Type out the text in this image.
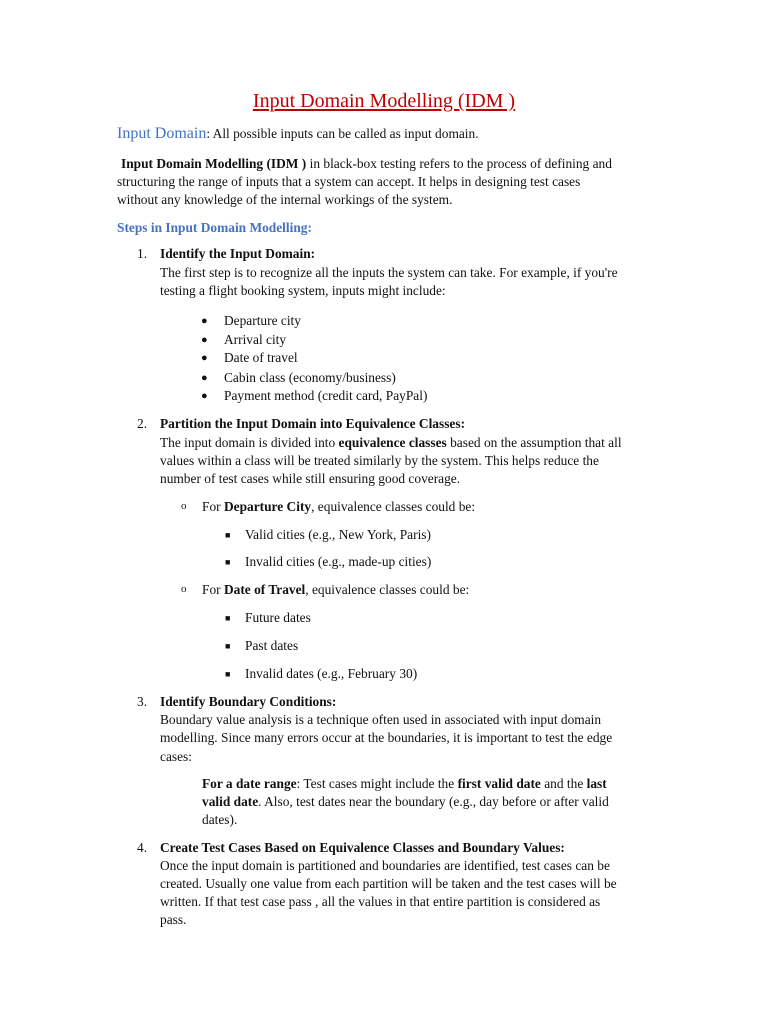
Input Domain Modelling (IDM )
Input Domain: All possible inputs can be called as input domain.
Input Domain Modelling (IDM ) in black-box testing refers to the process of defining and
structuring the range of inputs that a system can accept. It helps in designing test cases
without any knowledge of the internal workings of the system.
Steps in Input Domain Modelling:
1. Identify the Input Domain:
The first step is to recognize all the inputs the system can take. For example, if you're
testing a flight booking system, inputs might include:
● Departure city
● Arrival city
● Date of travel
● Cabin class (economy/business)
● Payment method (credit card, PayPal)
2. Partition the Input Domain into Equivalence Classes:
The input domain is divided into equivalence classes based on the assumption that all
values within a class will be treated similarly by the system. This helps reduce the
number of test cases while still ensuring good coverage.
o For Departure City, equivalence classes could be:
■ Valid cities (e.g., New York, Paris)
■ Invalid cities (e.g., made-up cities)
o For Date of Travel, equivalence classes could be:
■ Future dates
■ Past dates
■ Invalid dates (e.g., February 30)
3. Identify Boundary Conditions:
Boundary value analysis is a technique often used in associated with input domain
modelling. Since many errors occur at the boundaries, it is important to test the edge
cases:
For a date range: Test cases might include the first valid date and the last
valid date. Also, test dates near the boundary (e.g., day before or after valid
dates).
4. Create Test Cases Based on Equivalence Classes and Boundary Values:
Once the input domain is partitioned and boundaries are identified, test cases can be
created. Usually one value from each partition will be taken and the test cases will be
written. If that test case pass , all the values in that entire partition is considered as
pass.
